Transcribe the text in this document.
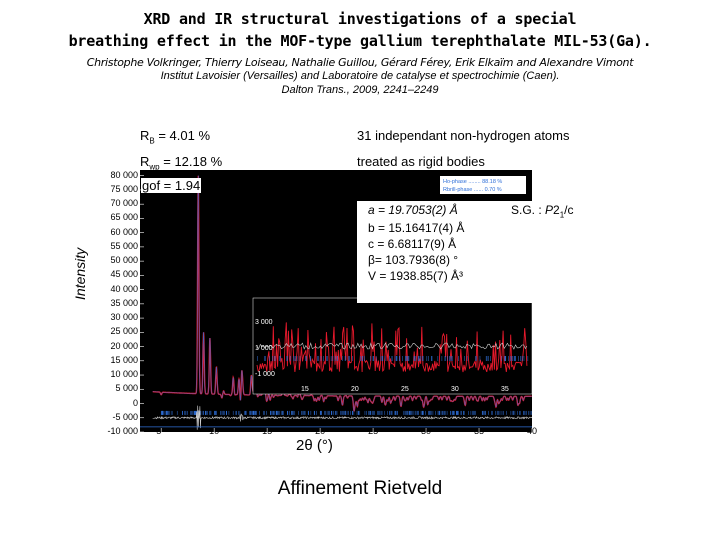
XRD and IR structural investigations of a special
breathing effect in the MOF-type gallium terephthalate MIL-53(Ga).
Christophe Volkringer, Thierry Loiseau, Nathalie Guillou, Gérard Férey, Erik Elkaïm and Alexandre Vimont
Institut Lavoisier (Versailles) and Laboratoire de catalyse et spectrochimie (Caen).
Dalton Trans., 2009, 2241–2249
$R_B = 4.01$ %
$R_{wp} = 12.18$ %
31 independant non-hydrogen atoms
treated as rigid bodies
Intensity
80 000
75 000
70 000
65 000
60 000
55 000
50 000
45 000
40 000
35 000
30 000
25 000
20 000
15 000
10 000
5 000
0
-5 000
-10 000
-1 000
1 000
3 000
15	20	25	30	35
Ho-phase ........ 88.18 %
Rbrill-phase ...... 0.70 %
5	10	15	20	25	30	35	40
gof = 1.94
a = 19.7053(2) Å
b = 15.16417(4) Å
c = 6.68117(9) Å
β= 103.7936(8) °
V = 1938.85(7) Å³
S.G. : $P2_1/c$
2θ (°)
Affinement Rietveld
